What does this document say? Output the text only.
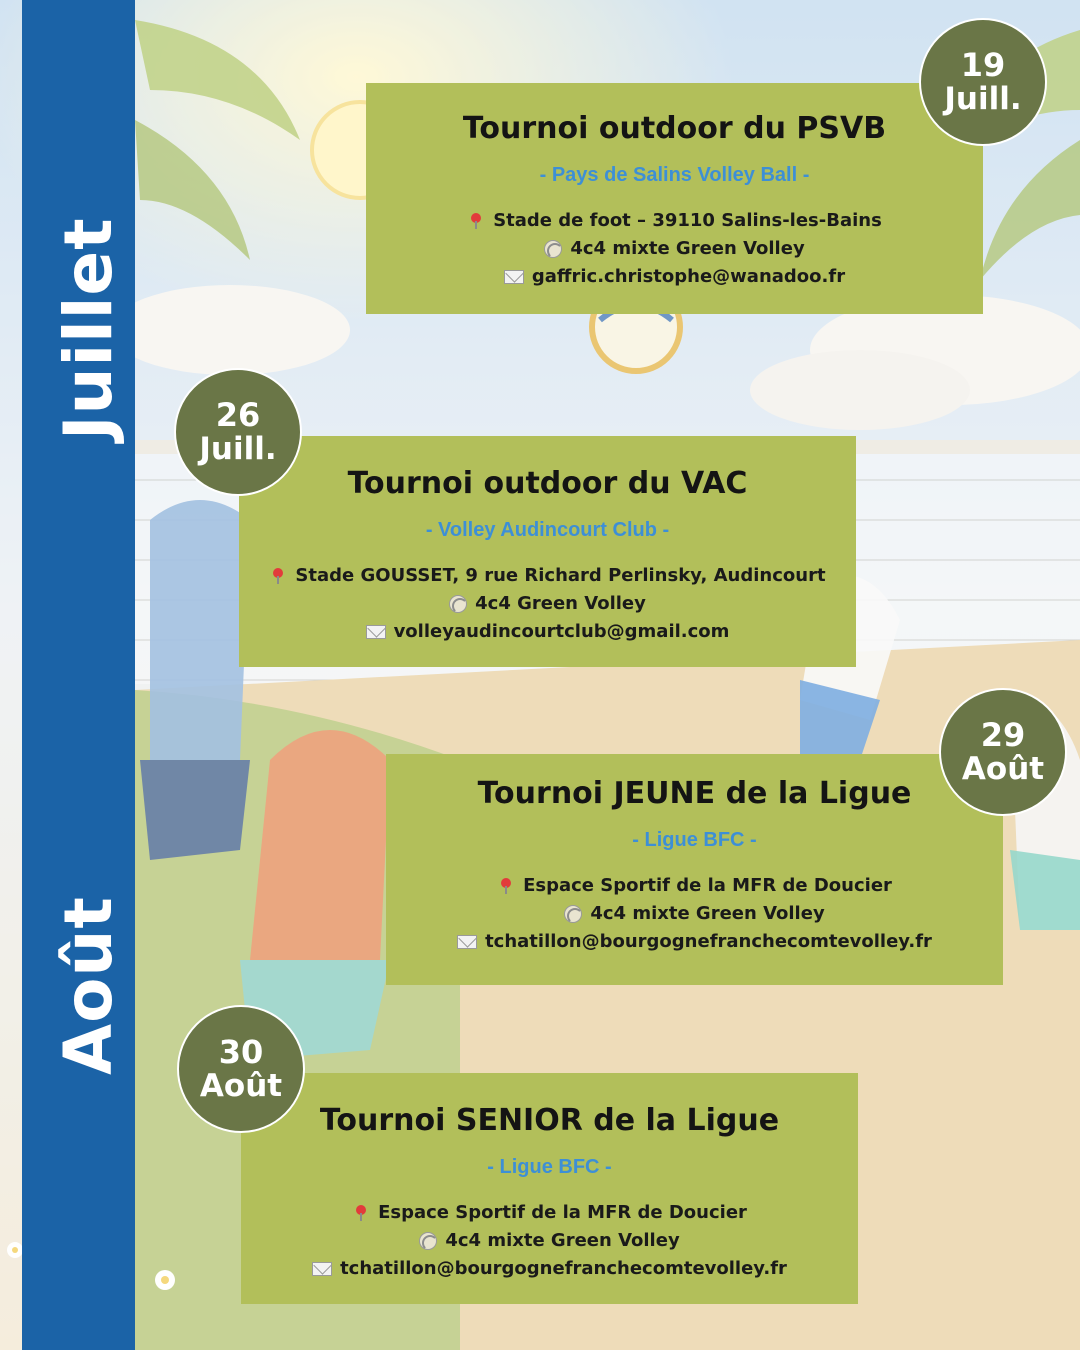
Juillet
Août
Tournoi outdoor du PSVB
- Pays de Salins Volley Ball -
Stade de foot – 39110 Salins-les-Bains
4c4 mixte Green Volley
gaffric.christophe@wanadoo.fr
19
Juill.
Tournoi outdoor du VAC
- Volley Audincourt Club -
Stade GOUSSET, 9 rue Richard Perlinsky, Audincourt
4c4 Green Volley
volleyaudincourtclub@gmail.com
26
Juill.
Tournoi JEUNE de la Ligue
- Ligue BFC -
Espace Sportif de la MFR de Doucier
4c4 mixte Green Volley
tchatillon@bourgognefranchecomtevolley.fr
29
Août
Tournoi SENIOR de la Ligue
- Ligue BFC -
Espace Sportif de la MFR de Doucier
4c4 mixte Green Volley
tchatillon@bourgognefranchecomtevolley.fr
30
Août
